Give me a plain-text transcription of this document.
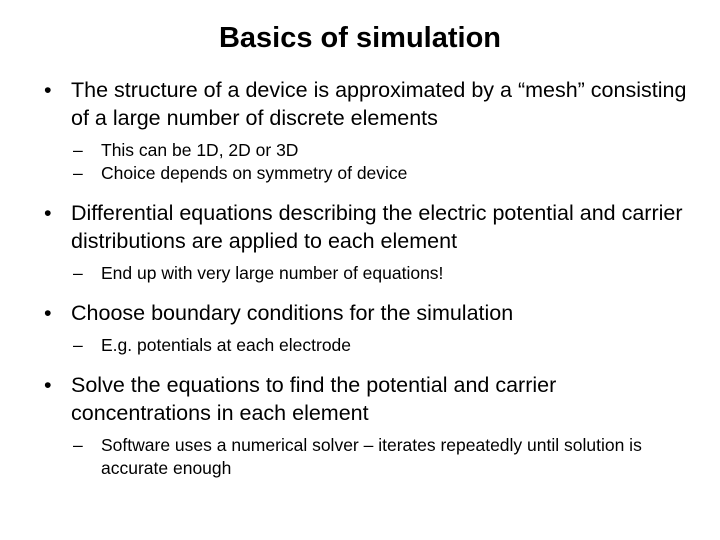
Basics of simulation
• The structure of a device is approximated by a “mesh” consisting of a large number of discrete elements
– This can be 1D, 2D or 3D
– Choice depends on symmetry of device
• Differential equations describing the electric potential and carrier distributions are applied to each element
– End up with very large number of equations!
• Choose boundary conditions for the simulation
– E.g. potentials at each electrode
• Solve the equations to find the potential and carrier concentrations in each element
– Software uses a numerical solver – iterates repeatedly until solution is accurate enough
